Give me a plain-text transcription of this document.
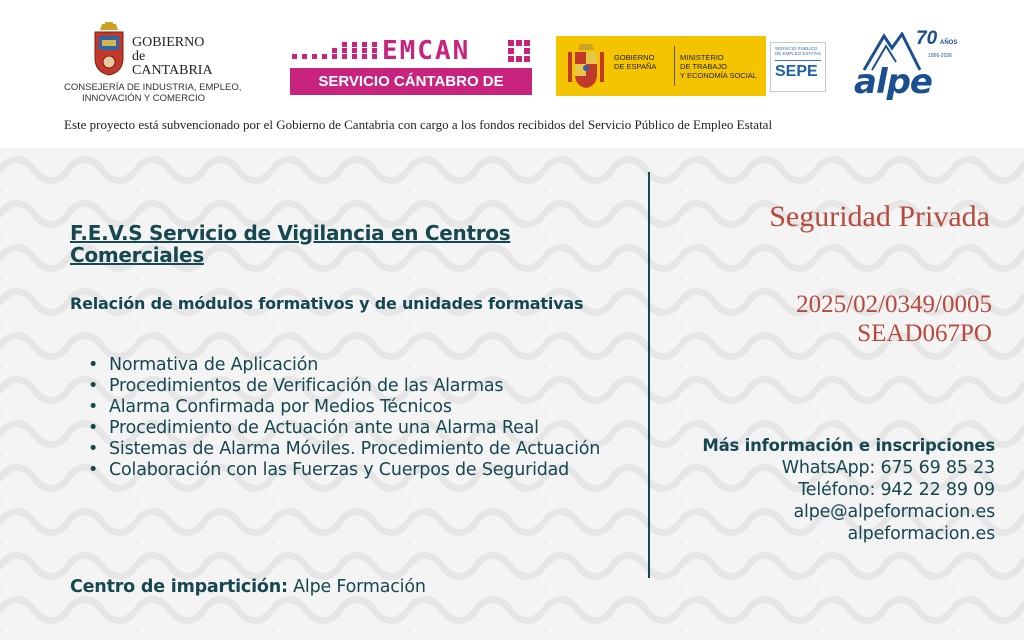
GOBIERNO
de
CANTABRIA
CONSEJERÍA DE INDUSTRIA, EMPLEO,
INNOVACIÓN Y COMERCIO
EMCAN
SERVICIO CÁNTABRO DE EMPLEO
GOBIERNO
DE ESPAÑA
MINISTERIO
DE TRABAJO
Y ECONOMÍA SOCIAL
SERVICIO PÚBLICO
DE EMPLEO ESTATAL
SEPE
70 AÑOS
1956-2026
alpe
Este proyecto está subvencionado por el Gobierno de Cantabria con cargo a los fondos recibidos del Servicio Público de Empleo Estatal
F.E.V.S Servicio de Vigilancia en Centros Comerciales
Relación de módulos formativos y de unidades formativas
• Normativa de Aplicación
• Procedimientos de Verificación de las Alarmas
• Alarma Confirmada por Medios Técnicos
• Procedimiento de Actuación ante una Alarma Real
• Sistemas de Alarma Móviles. Procedimiento de Actuación
• Colaboración con las Fuerzas y Cuerpos de Seguridad
Centro de impartición: Alpe Formación
Seguridad Privada
2025/02/0349/0005
SEAD067PO
Más información e inscripciones
WhatsApp: 675 69 85 23
Teléfono: 942 22 89 09
alpe@alpeformacion.es
alpeformacion.es
